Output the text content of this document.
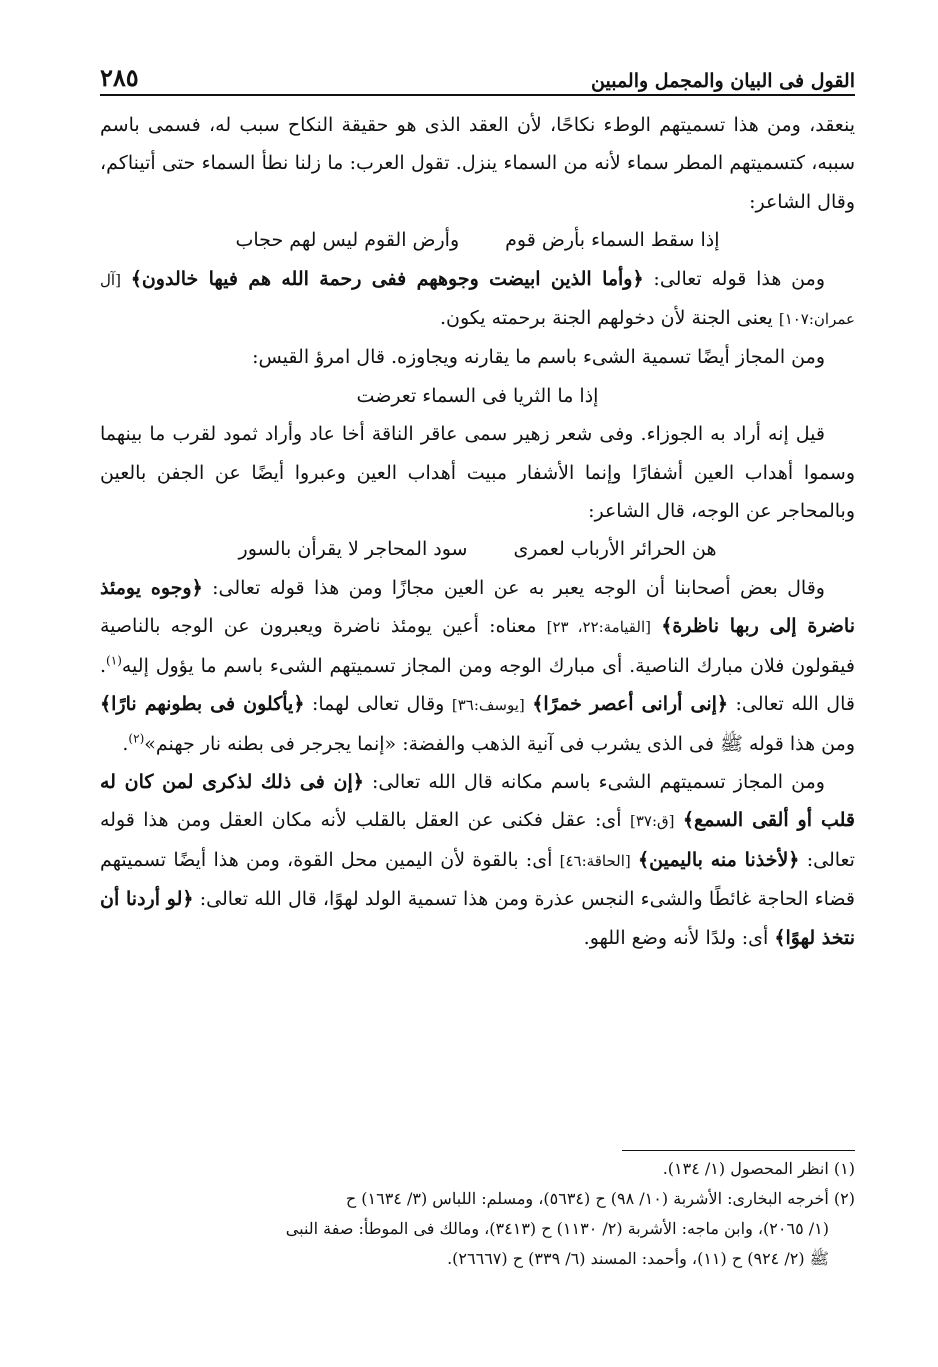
القول فى البيان والمجمل والمبين
٢٨٥

ينعقد، ومن هذا تسميتهم الوطء نكاحًا، لأن العقد الذى هو حقيقة النكاح سبب له، فسمى باسم سببه، كتسميتهم المطر سماء لأنه من السماء ينزل. تقول العرب: ما زلنا نطأ السماء حتى أتيناكم، وقال الشاعر:

إذا سقط السماء بأرض قوم
وأرض القوم ليس لهم حجاب

ومن هذا قوله تعالى: ﴿وأما الذين ابيضت وجوههم ففى رحمة الله هم فيها خالدون﴾ [آل عمران:١٠٧] يعنى الجنة لأن دخولهم الجنة برحمته يكون.

ومن المجاز أيضًا تسمية الشىء باسم ما يقارنه ويجاوزه. قال امرؤ القيس:

إذا ما الثريا فى السماء تعرضت

قيل إنه أراد به الجوزاء. وفى شعر زهير سمى عاقر الناقة أخا عاد وأراد ثمود لقرب ما بينهما وسموا أهداب العين أشفارًا وإنما الأشفار مبيت أهداب العين وعبروا أيضًا عن الجفن بالعين وبالمحاجر عن الوجه، قال الشاعر:

هن الحرائر الأرباب لعمرى
سود المحاجر لا يقرأن بالسور

وقال بعض أصحابنا أن الوجه يعبر به عن العين مجازًا ومن هذا قوله تعالى: ﴿وجوه يومئذ ناضرة إلى ربها ناظرة﴾ [القيامة:٢٢، ٢٣] معناه: أعين يومئذ ناضرة ويعبرون عن الوجه بالناصية فيقولون فلان مبارك الناصية. أى مبارك الوجه ومن المجاز تسميتهم الشىء باسم ما يؤول إليه$^{(١)}$. قال الله تعالى: ﴿إنى أرانى أعصر خمرًا﴾ [يوسف:٣٦] وقال تعالى لهما: ﴿يأكلون فى بطونهم نارًا﴾ ومن هذا قوله ﷺ فى الذى يشرب فى آنية الذهب والفضة: «إنما يجرجر فى بطنه نار جهنم»$^{(٢)}$.

ومن المجاز تسميتهم الشىء باسم مكانه قال الله تعالى: ﴿إن فى ذلك لذكرى لمن كان له قلب أو ألقى السمع﴾ [ق:٣٧] أى: عقل فكنى عن العقل بالقلب لأنه مكان العقل ومن هذا قوله تعالى: ﴿لأخذنا منه باليمين﴾ [الحاقة:٤٦] أى: بالقوة لأن اليمين محل القوة، ومن هذا أيضًا تسميتهم قضاء الحاجة غائطًا والشىء النجس عذرة ومن هذا تسمية الولد لهوًا، قال الله تعالى: ﴿لو أردنا أن نتخذ لهوًا﴾ أى: ولدًا لأنه وضع اللهو.

(١) انظر المحصول (١/ ١٣٤).

(٢) أخرجه البخارى: الأشربة (١٠/ ٩٨) ح (٥٦٣٤)، ومسلم: اللباس (٣/ ١٦٣٤) ح

(١/ ٢٠٦٥)، وابن ماجه: الأشربة (٢/ ١١٣٠) ح (٣٤١٣)، ومالك فى الموطأ: صفة النبى

ﷺ (٢/ ٩٢٤) ح (١١)، وأحمد: المسند (٦/ ٣٣٩) ح (٢٦٦٦٧).
